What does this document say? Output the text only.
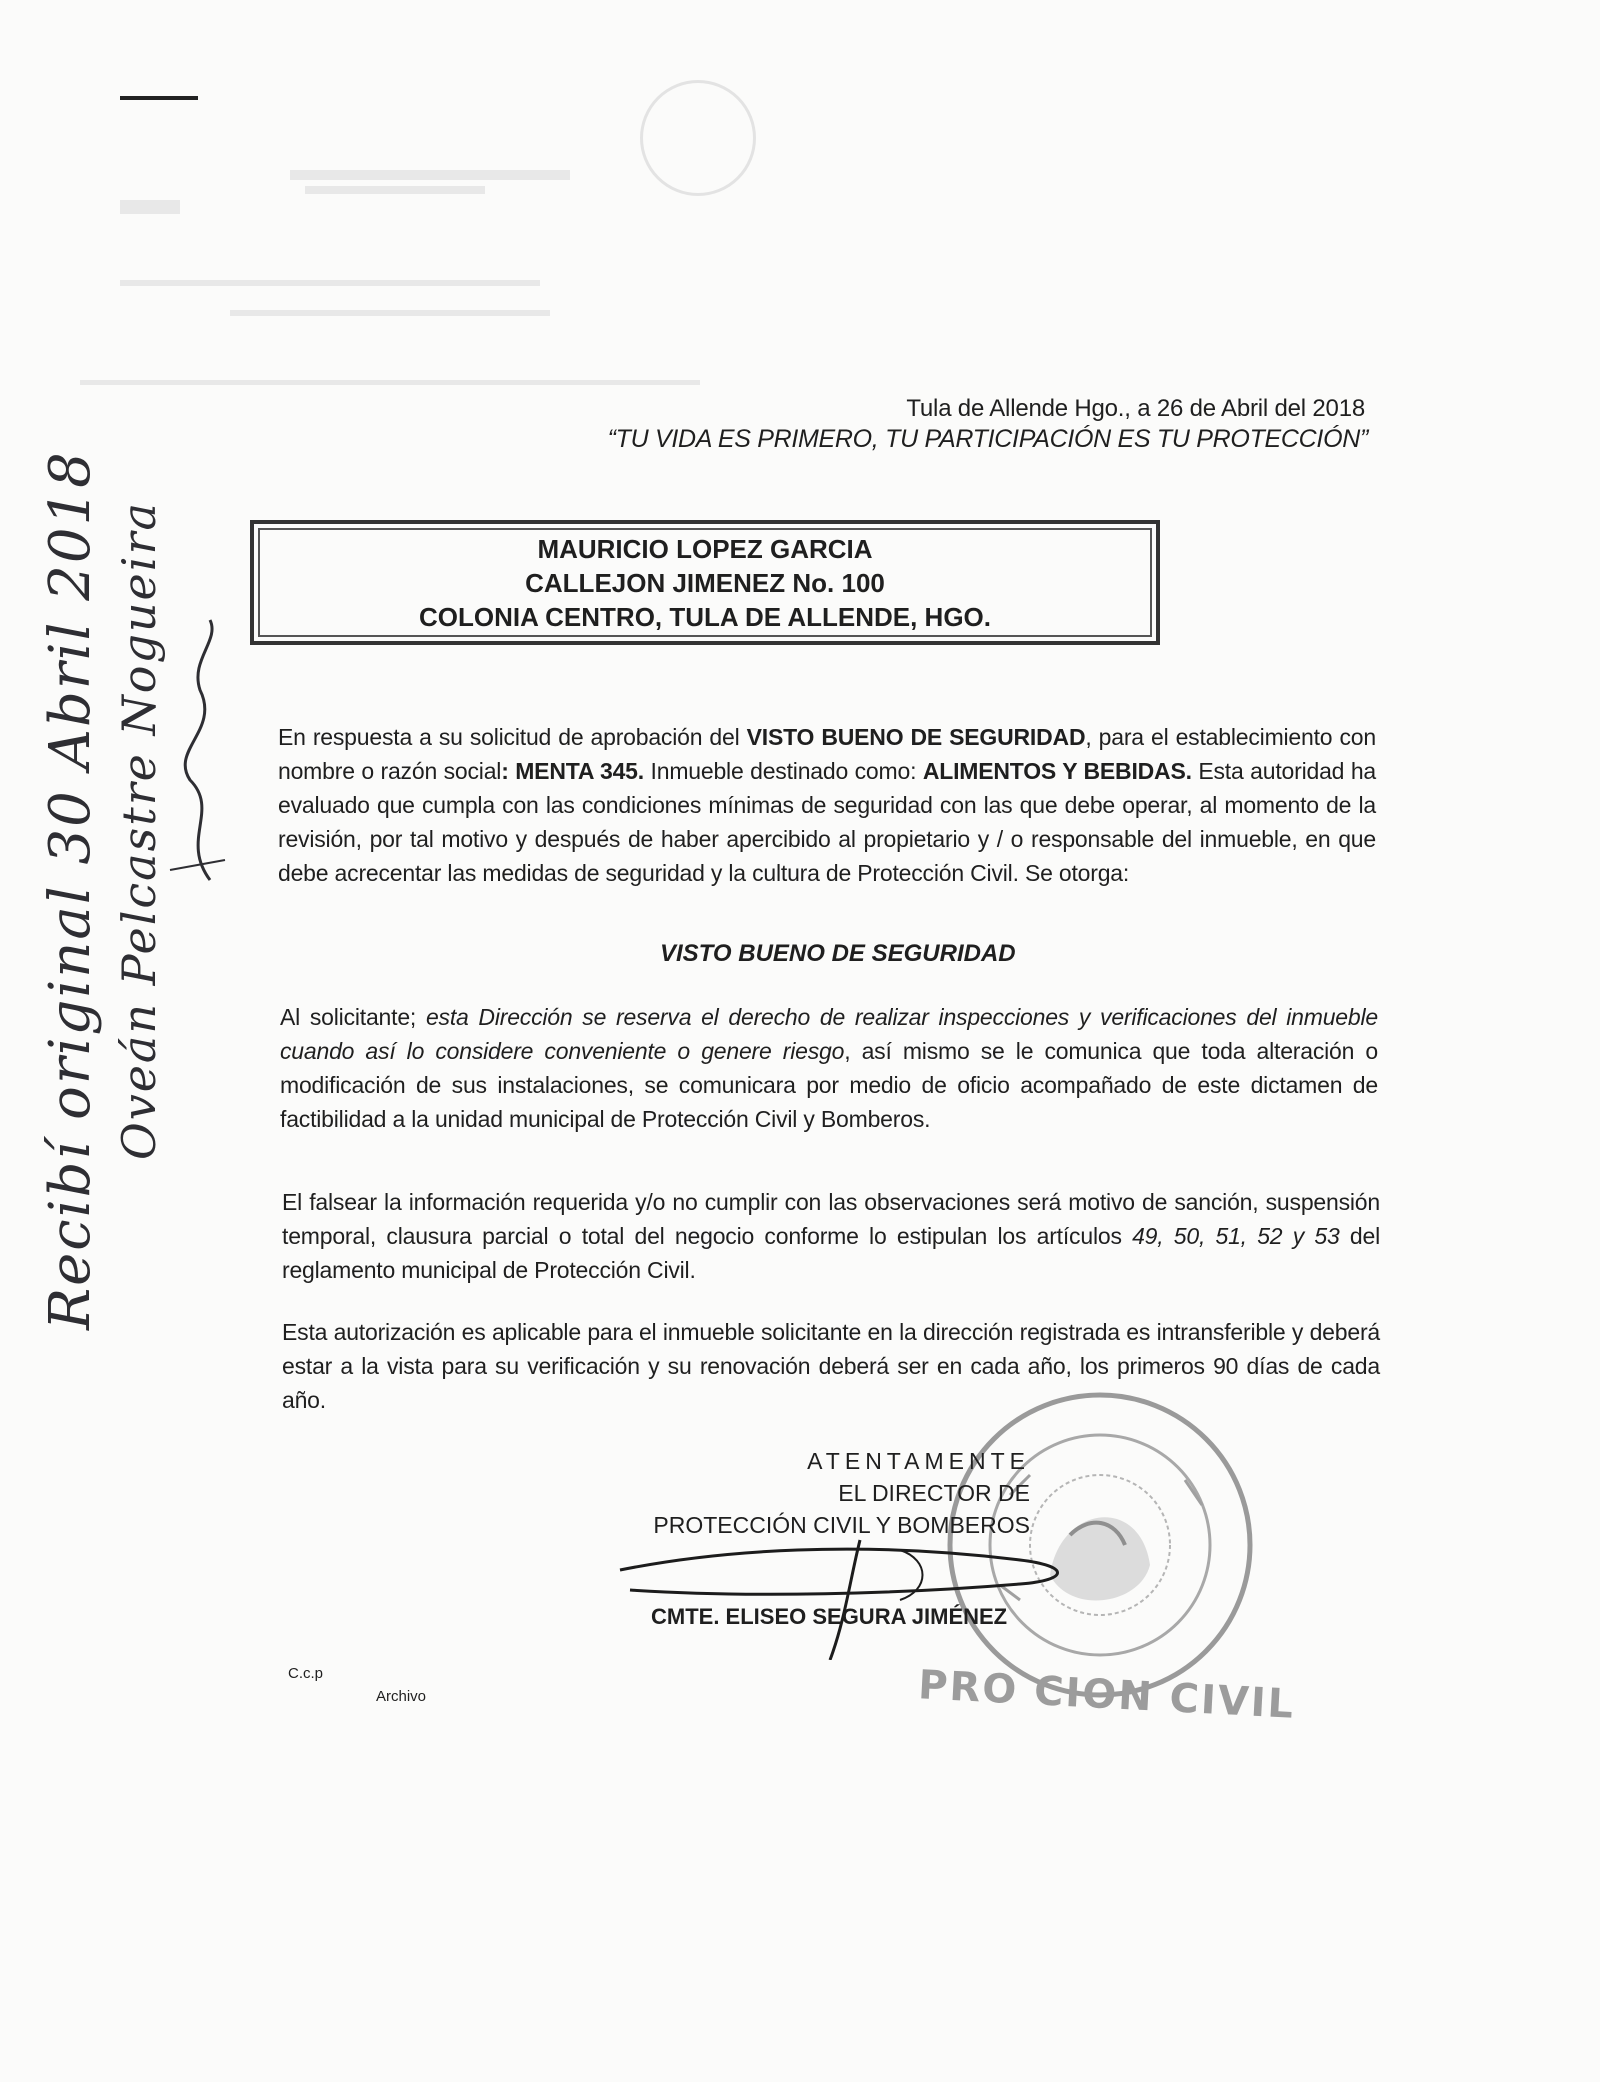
Tula de Allende Hgo., a 26 de Abril del 2018
“TU VIDA ES PRIMERO, TU PARTICIPACIÓN ES TU PROTECCIÓN”
MAURICIO LOPEZ GARCIA
CALLEJON JIMENEZ No. 100
COLONIA CENTRO, TULA DE ALLENDE, HGO.
En respuesta a su solicitud de aprobación del VISTO BUENO DE SEGURIDAD, para el establecimiento con nombre o razón social: MENTA 345. Inmueble destinado como: ALIMENTOS Y BEBIDAS. Esta autoridad ha evaluado que cumpla con las condiciones mínimas de seguridad con las que debe operar, al momento de la revisión, por tal motivo y después de haber apercibido al propietario y / o responsable del inmueble, en que debe acrecentar las medidas de seguridad y la cultura de Protección Civil. Se otorga:
VISTO BUENO DE SEGURIDAD
Al solicitante; esta Dirección se reserva el derecho de realizar inspecciones y verificaciones del inmueble cuando así lo considere conveniente o genere riesgo, así mismo se le comunica que toda alteración o modificación de sus instalaciones, se comunicara por medio de oficio acompañado de este dictamen de factibilidad a la unidad municipal de Protección Civil y Bomberos.
El falsear la información requerida y/o no cumplir con las observaciones será motivo de sanción, suspensión temporal, clausura parcial o total del negocio conforme lo estipulan los artículos 49, 50, 51, 52 y 53 del reglamento municipal de Protección Civil.
Esta autorización es aplicable para el inmueble solicitante en la dirección registrada es intransferible y deberá estar a la vista para su verificación y su renovación deberá ser en cada año, los primeros 90 días de cada año.
ATENTAMENTE
EL DIRECTOR DE
PROTECCIÓN CIVIL Y BOMBEROS
CMTE. ELISEO SEGURA JIMÉNEZ
PRO CION CIVIL
C.c.p
Archivo
Recibí original 30 Abril 2018 Oveán Pelcastre Nogueira
